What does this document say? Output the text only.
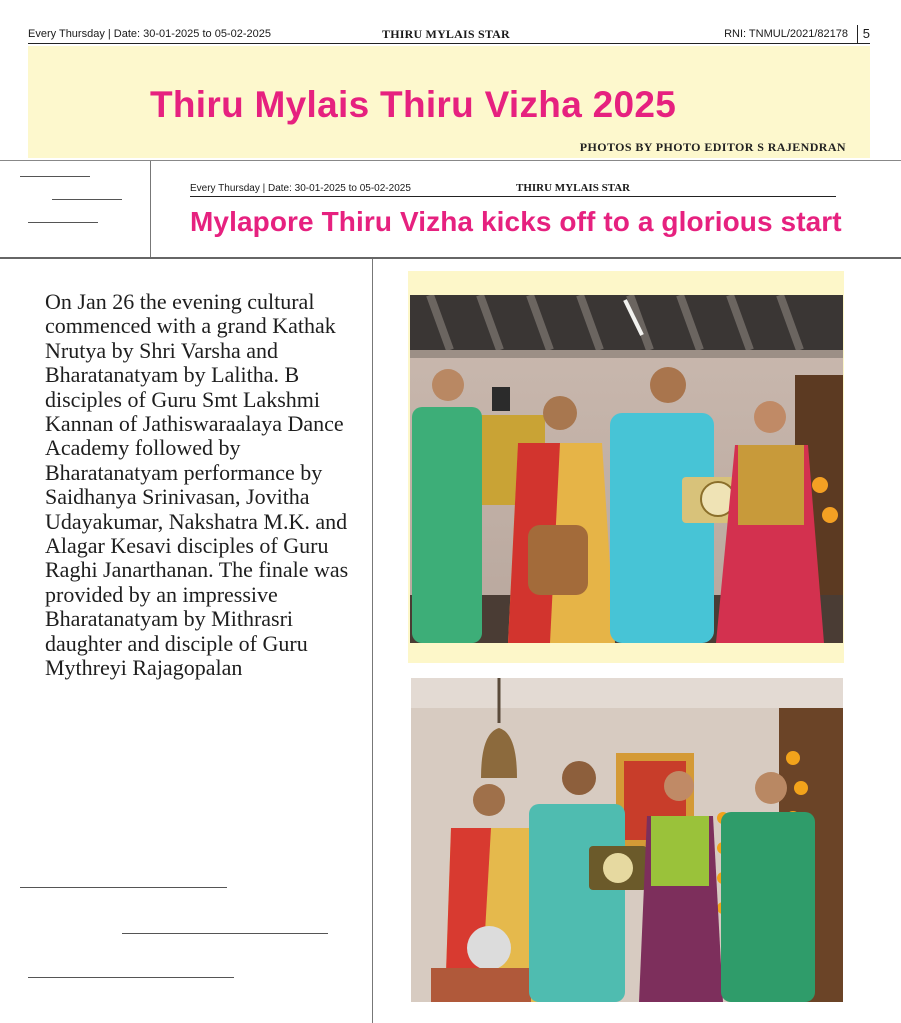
Every Thursday | Date: 30-01-2025 to 05-02-2025	THIRU MYLAIS STAR	RNI: TNMUL/2021/82178	5
Thiru Mylais Thiru Vizha 2025
PHOTOS BY PHOTO EDITOR S RAJENDRAN
Every Thursday | Date: 30-01-2025 to 05-02-2025	THIRU MYLAIS STAR
Mylapore Thiru Vizha kicks off to a glorious start
On Jan 26 the evening cultural commenced with a grand Kathak Nrutya by Shri Varsha and Bharatanatyam by Lalitha. B disciples of Guru Smt Lakshmi Kannan of Jathiswaraalaya Dance Academy followed by Bharatanatyam performance by Saidhanya Srinivasan, Jovitha Udayakumar, Nakshatra M.K. and Alagar Kesavi disciples of Guru Raghi Janarthanan. The finale was provided by an impressive Bharatanatyam by Mithrasri daughter and disciple of Guru Mythreyi Rajagopalan
